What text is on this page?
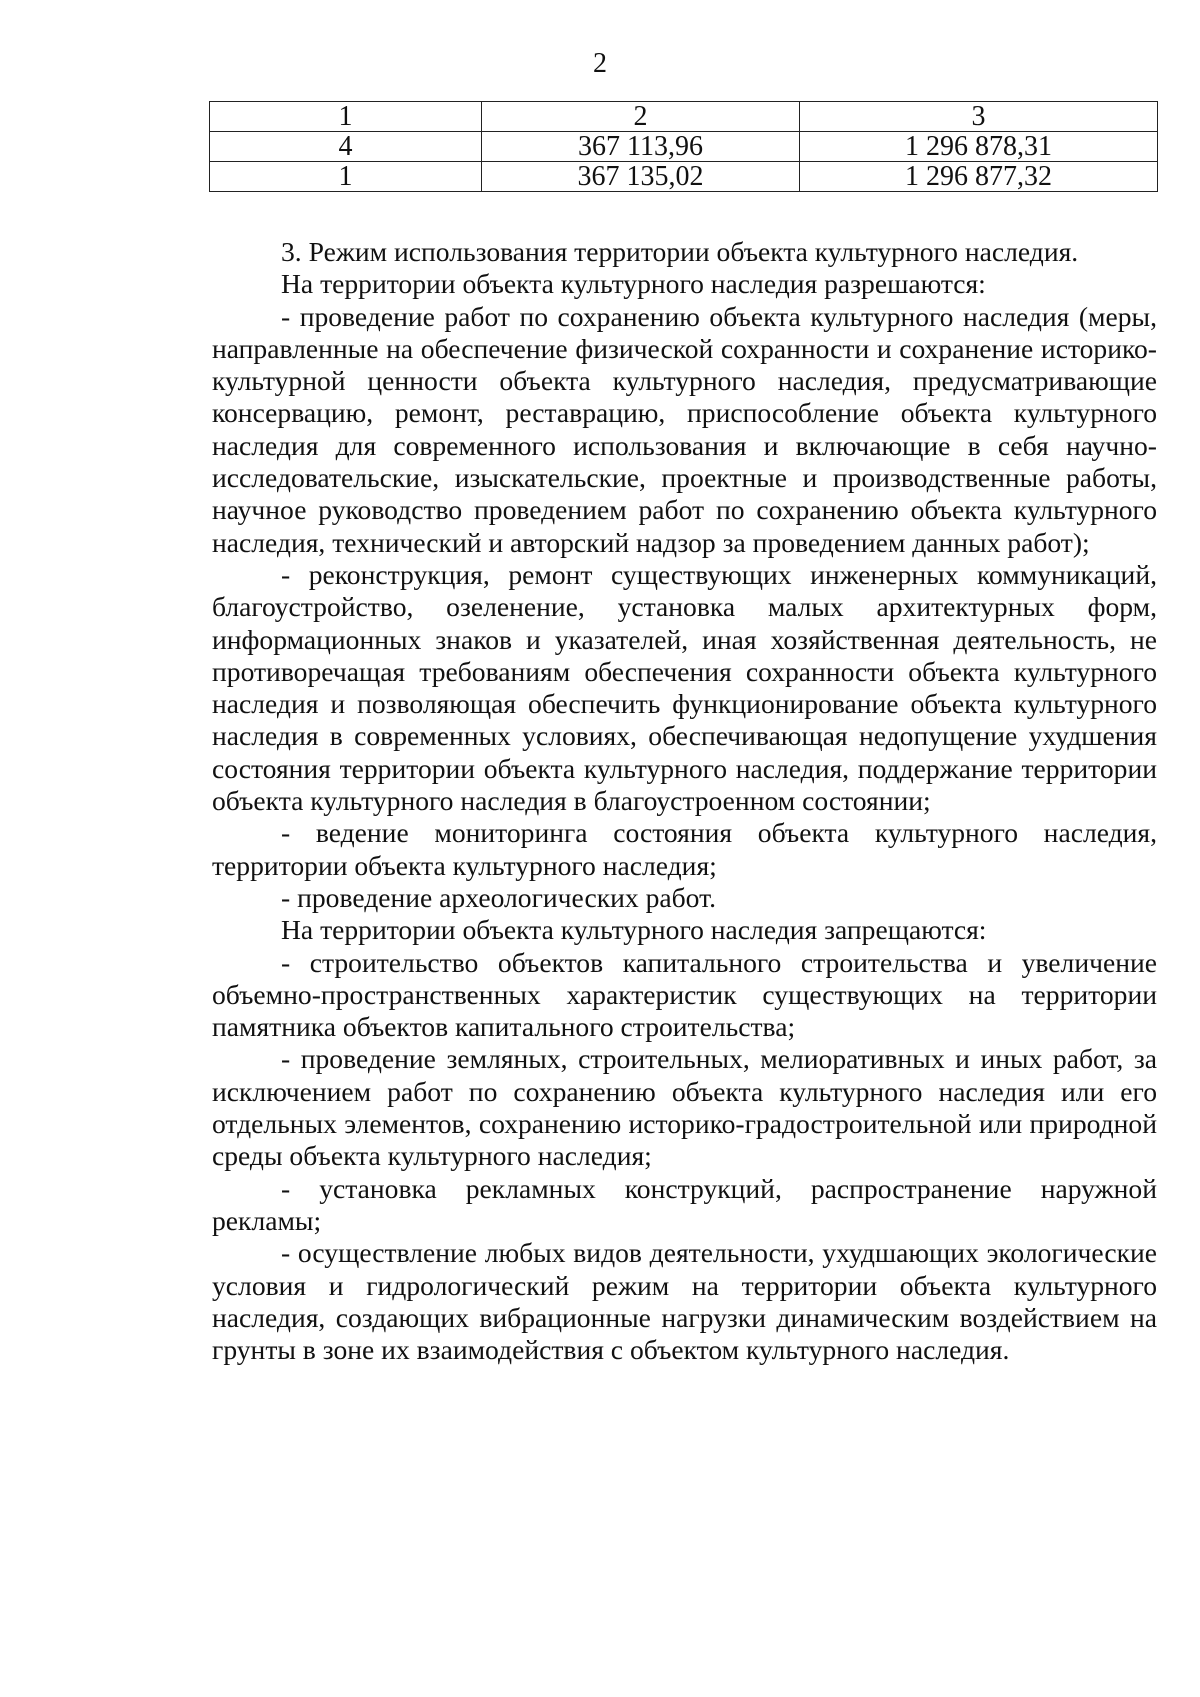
2
1	2	3
4	367 113,96	1 296 878,31
1	367 135,02	1 296 877,32

3. Режим использования территории объекта культурного наследия.

На территории объекта культурного наследия разрешаются:

- проведение работ по сохранению объекта культурного наследия (меры, направленные на обеспечение физической сохранности и сохранение историко-культурной ценности объекта культурного наследия, предусматривающие консервацию, ремонт, реставрацию, приспособление объекта культурного наследия для современного использования и включающие в себя научно-исследовательские, изыскательские, проектные и производственные работы, научное руководство проведением работ по сохранению объекта культурного наследия, технический и авторский надзор за проведением данных работ);

- реконструкция, ремонт существующих инженерных коммуникаций, благоустройство, озеленение, установка малых архитектурных форм, информационных знаков и указателей, иная хозяйственная деятельность, не противоречащая требованиям обеспечения сохранности объекта культурного наследия и позволяющая обеспечить функционирование объекта культурного наследия в современных условиях, обеспечивающая недопущение ухудшения состояния территории объекта культурного наследия, поддержание территории объекта культурного наследия в благоустроенном состоянии;

- ведение мониторинга состояния объекта культурного наследия, территории объекта культурного наследия;

- проведение археологических работ.

На территории объекта культурного наследия запрещаются:

- строительство объектов капитального строительства и увеличение объемно-пространственных характеристик существующих на территории памятника объектов капитального строительства;

- проведение земляных, строительных, мелиоративных и иных работ, за исключением работ по сохранению объекта культурного наследия или его отдельных элементов, сохранению историко-градостроительной или природной среды объекта культурного наследия;

- установка рекламных конструкций, распространение наружной рекламы;

- осуществление любых видов деятельности, ухудшающих экологические условия и гидрологический режим на территории объекта культурного наследия, создающих вибрационные нагрузки динамическим воздействием на грунты в зоне их взаимодействия с объектом культурного наследия.
